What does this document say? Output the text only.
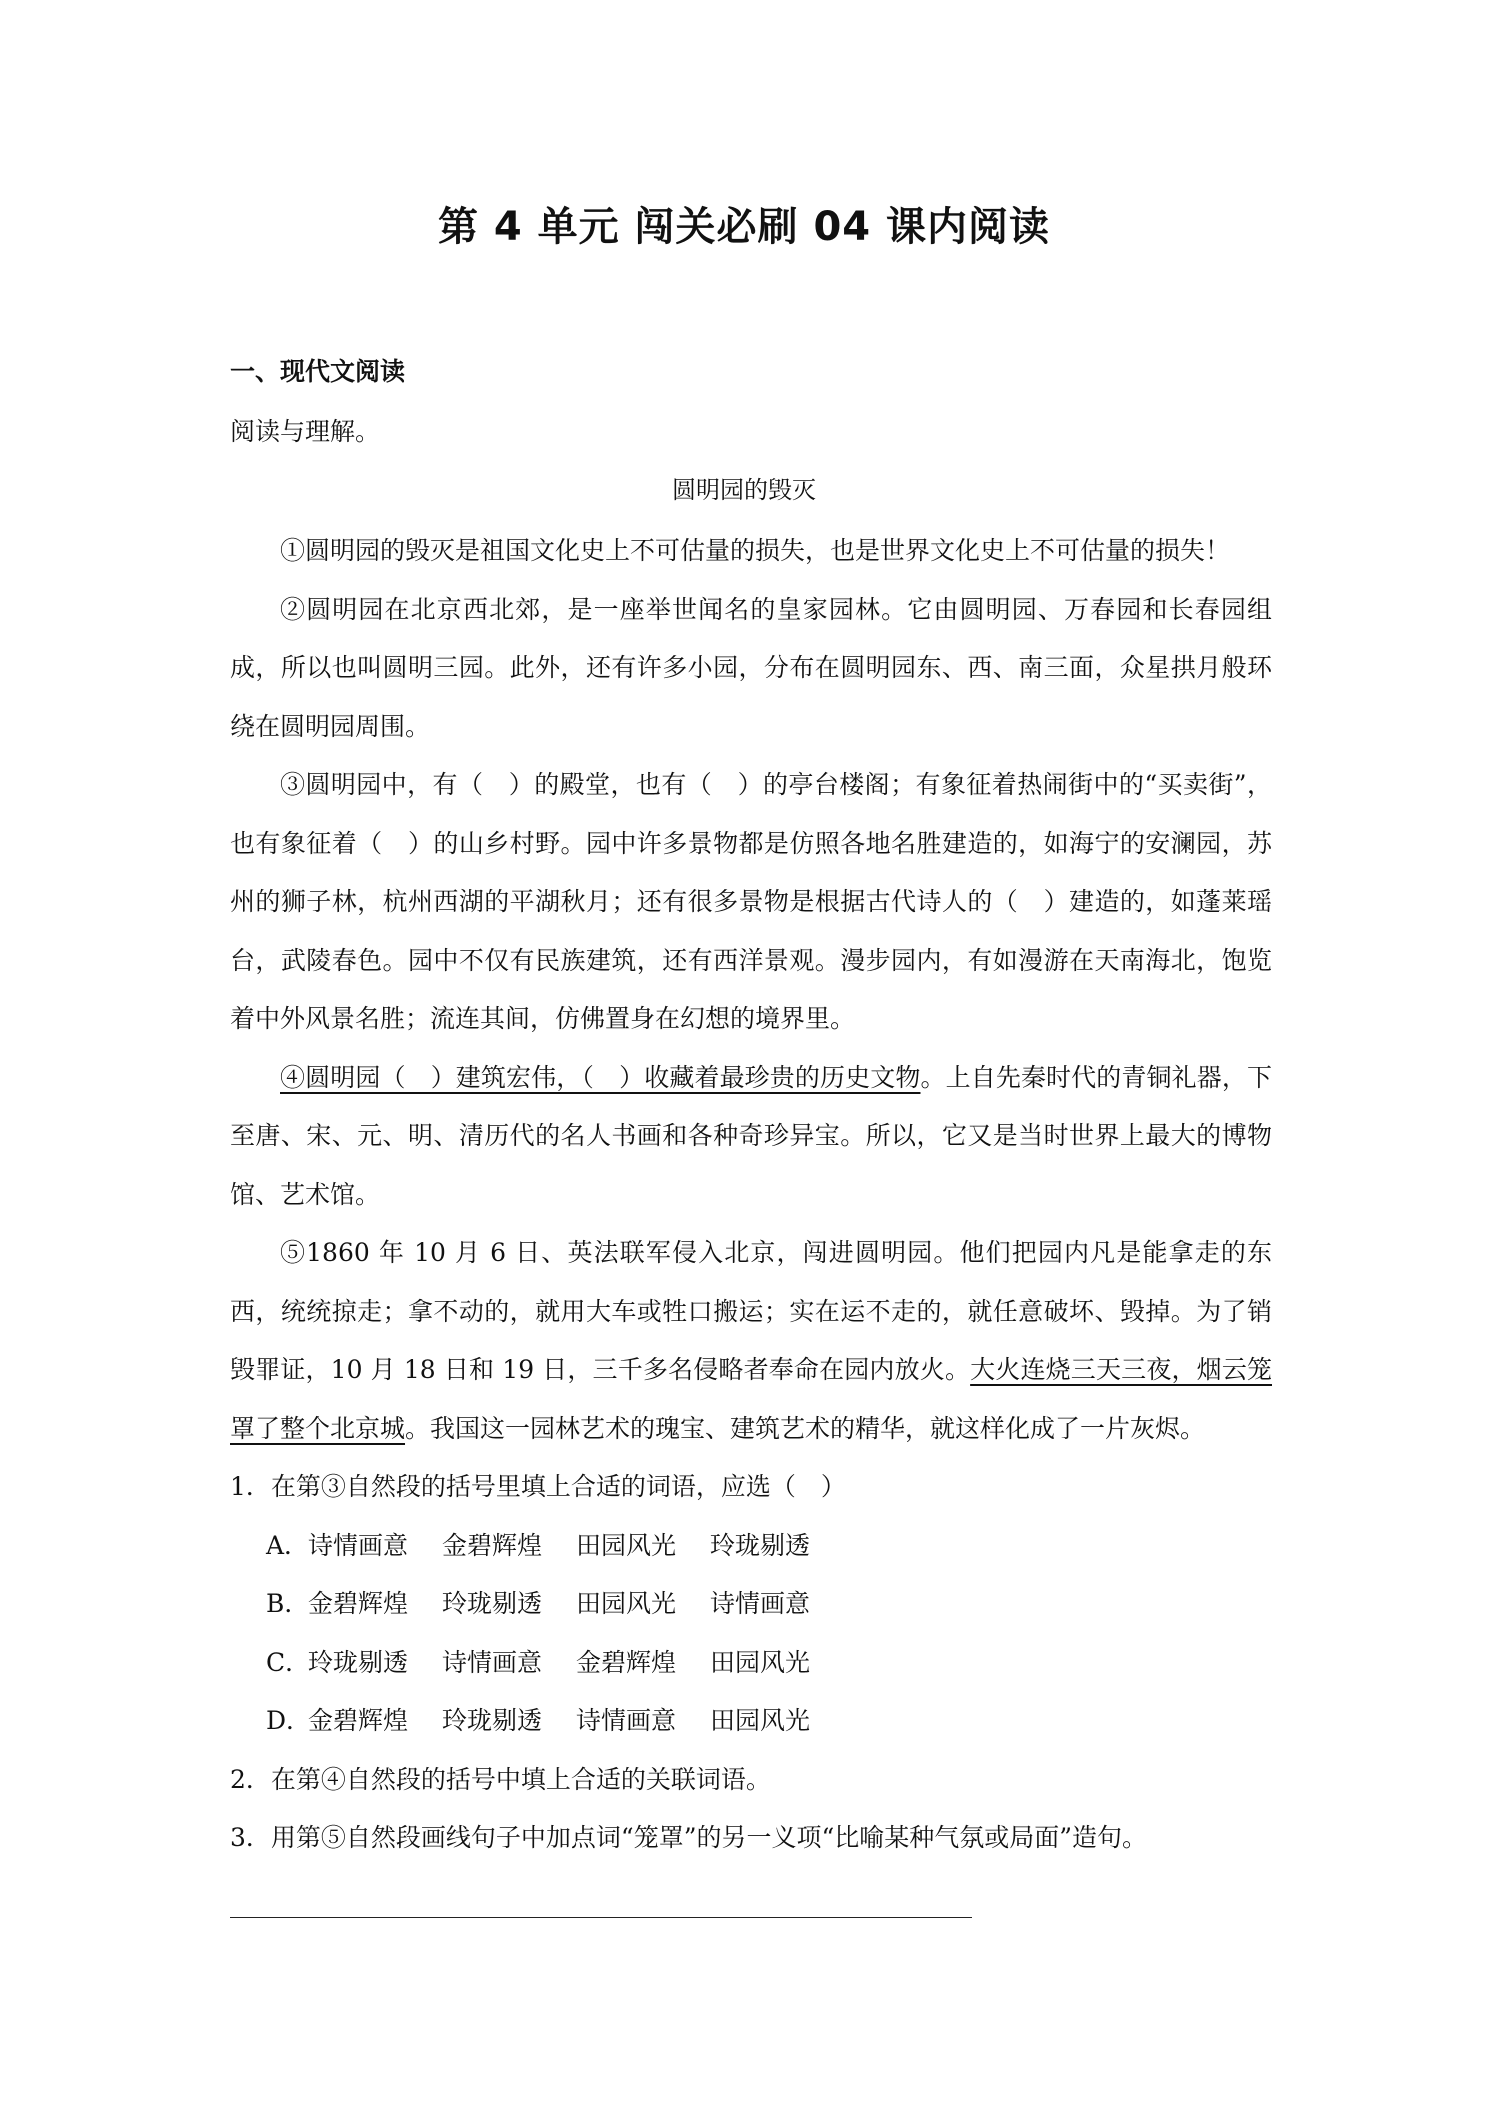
第 4 单元 闯关必刷 04 课内阅读
一、现代文阅读
阅读与理解。
圆明园的毁灭

①圆明园的毁灭是祖国文化史上不可估量的损失，也是世界文化史上不可估量的损失！

②圆明园在北京西北郊，是一座举世闻名的皇家园林。它由圆明园、万春园和长春园组成，所以也叫圆明三园。此外，还有许多小园，分布在圆明园东、西、南三面，众星拱月般环绕在圆明园周围。

③圆明园中，有（　）的殿堂，也有（　）的亭台楼阁；有象征着热闹街中的“买卖街”，也有象征着（　）的山乡村野。园中许多景物都是仿照各地名胜建造的，如海宁的安澜园，苏州的狮子林，杭州西湖的平湖秋月；还有很多景物是根据古代诗人的（　）建造的，如蓬莱瑶台，武陵春色。园中不仅有民族建筑，还有西洋景观。漫步园内，有如漫游在天南海北，饱览着中外风景名胜；流连其间，仿佛置身在幻想的境界里。

④圆明园（　）建筑宏伟，（　）收藏着最珍贵的历史文物。上自先秦时代的青铜礼器，下至唐、宋、元、明、清历代的名人书画和各种奇珍异宝。所以，它又是当时世界上最大的博物馆、艺术馆。

⑤1860 年 10 月 6 日、英法联军侵入北京，闯进圆明园。他们把园内凡是能拿走的东西，统统掠走；拿不动的，就用大车或牲口搬运；实在运不走的，就任意破坏、毁掉。为了销毁罪证，10 月 18 日和 19 日，三千多名侵略者奉命在园内放火。大火连烧三天三夜，烟云笼罩了整个北京城。我国这一园林艺术的瑰宝、建筑艺术的精华，就这样化成了一片灰烬。

1．在第③自然段的括号里填上合适的词语，应选（　）
A．
诗情画意	金碧辉煌	田园风光	玲珑剔透
B．
金碧辉煌	玲珑剔透	田园风光	诗情画意
C．
玲珑剔透	诗情画意	金碧辉煌	田园风光
D．
金碧辉煌	玲珑剔透	诗情画意	田园风光
2．在第④自然段的括号中填上合适的关联词语。
3．用第⑤自然段画线句子中加点词“笼罩”的另一义项“比喻某种气氛或局面”造句。
